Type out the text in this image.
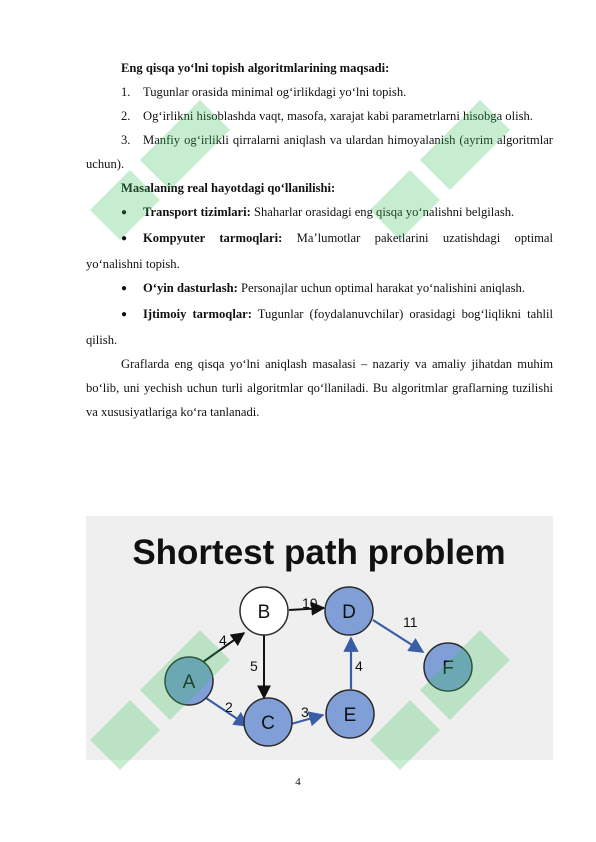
Eng qisqa yo‘lni topish algoritmlarining maqsadi:

1. Tugunlar orasida minimal og‘irlikdagi yo‘lni topish.

2. Og‘irlikni hisoblashda vaqt, masofa, xarajat kabi parametrlarni hisobga olish.

3. Manfiy og‘irlikli qirralarni aniqlash va ulardan himoyalanish (ayrim algoritmlar uchun).

Masalaning real hayotdagi qo‘llanilishi:

● Transport tizimlari: Shaharlar orasidagi eng qisqa yo‘nalishni belgilash.

● Kompyuter tarmoqlari: Ma’lumotlar paketlarini uzatishdagi optimal yo‘nalishni topish.

● O‘yin dasturlash: Personajlar uchun optimal harakat yo‘nalishini aniqlash.

● Ijtimoiy tarmoqlar: Tugunlar (foydalanuvchilar) orasidagi bog‘liqlikni tahlil qilish.

Graflarda eng qisqa yo‘lni aniqlash masalasi – nazariy va amaliy jihatdan muhim bo‘lib, uni yechish uchun turli algoritmlar qo‘llaniladi. Bu algoritmlar graflarning tuzilishi va xususiyatlariga ko‘ra tanlanadi.

Shortest path problem
4
2
5
10
3
4
11
A
B
C
D
E
F
4
